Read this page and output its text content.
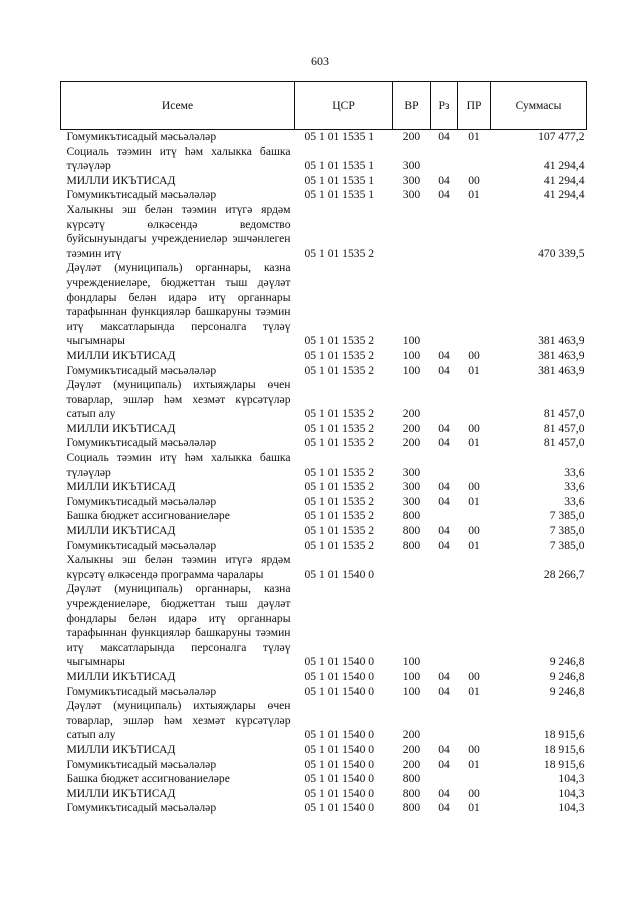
603
Исеме	ЦСР	ВР	Рз	ПР	Суммасы
Гомумикътисадый мәсьәләләр	05 1 01 1535 1	200	04	01	107 477,2
Социаль тәэмин итү һәм халыкка башка түләүләр	05 1 01 1535 1	300			41 294,4
МИЛЛИ ИКЪТИСАД	05 1 01 1535 1	300	04	00	41 294,4
Гомумикътисадый мәсьәләләр	05 1 01 1535 1	300	04	01	41 294,4
Халыкны эш белән тәэмин итүгә ярдәм күрсәтү өлкәсендә ведомство буйсынуындагы учреждениеләр эшчәнлеген тәэмин итү	05 1 01 1535 2				470 339,5
Дәүләт (муниципаль) органнары, казна учреждениеләре, бюджеттан тыш дәүләт фондлары белән идарә итү органнары тарафыннан функцияләр башкаруны тәэмин итү максатларында персоналга түләү чыгымнары	05 1 01 1535 2	100			381 463,9
МИЛЛИ ИКЪТИСАД	05 1 01 1535 2	100	04	00	381 463,9
Гомумикътисадый мәсьәләләр	05 1 01 1535 2	100	04	01	381 463,9
Дәүләт (муниципаль) ихтыяҗлары өчен товарлар, эшләр һәм хезмәт күрсәтүләр сатып алу	05 1 01 1535 2	200			81 457,0
МИЛЛИ ИКЪТИСАД	05 1 01 1535 2	200	04	00	81 457,0
Гомумикътисадый мәсьәләләр	05 1 01 1535 2	200	04	01	81 457,0
Социаль тәэмин итү һәм халыкка башка түләүләр	05 1 01 1535 2	300			33,6
МИЛЛИ ИКЪТИСАД	05 1 01 1535 2	300	04	00	33,6
Гомумикътисадый мәсьәләләр	05 1 01 1535 2	300	04	01	33,6
Башка бюджет ассигнованиеләре	05 1 01 1535 2	800			7 385,0
МИЛЛИ ИКЪТИСАД	05 1 01 1535 2	800	04	00	7 385,0
Гомумикътисадый мәсьәләләр	05 1 01 1535 2	800	04	01	7 385,0
Халыкны эш белән тәэмин итүгә ярдәм күрсәтү өлкәсендә программа чаралары	05 1 01 1540 0				28 266,7
Дәүләт (муниципаль) органнары, казна учреждениеләре, бюджеттан тыш дәүләт фондлары белән идарә итү органнары тарафыннан функцияләр башкаруны тәэмин итү максатларында персоналга түләү чыгымнары	05 1 01 1540 0	100			9 246,8
МИЛЛИ ИКЪТИСАД	05 1 01 1540 0	100	04	00	9 246,8
Гомумикътисадый мәсьәләләр	05 1 01 1540 0	100	04	01	9 246,8
Дәүләт (муниципаль) ихтыяҗлары өчен товарлар, эшләр һәм хезмәт күрсәтүләр сатып алу	05 1 01 1540 0	200			18 915,6
МИЛЛИ ИКЪТИСАД	05 1 01 1540 0	200	04	00	18 915,6
Гомумикътисадый мәсьәләләр	05 1 01 1540 0	200	04	01	18 915,6
Башка бюджет ассигнованиеләре	05 1 01 1540 0	800			104,3
МИЛЛИ ИКЪТИСАД	05 1 01 1540 0	800	04	00	104,3
Гомумикътисадый мәсьәләләр	05 1 01 1540 0	800	04	01	104,3
